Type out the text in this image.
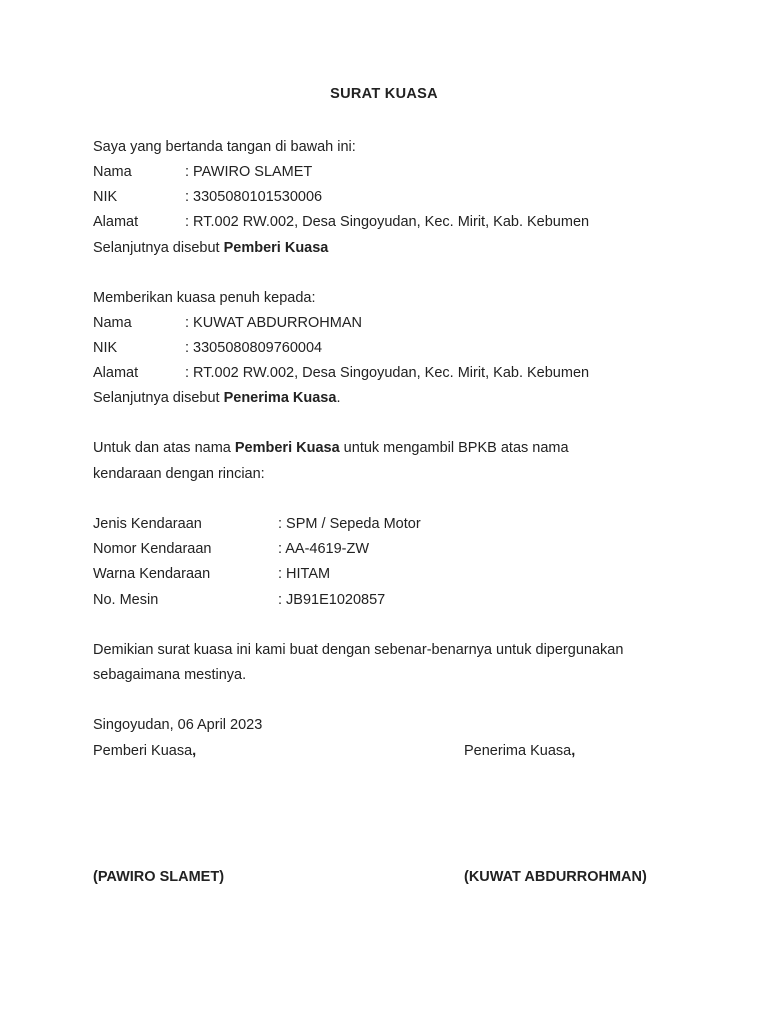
SURAT KUASA
Saya yang bertanda tangan di bawah ini:
Nama	: PAWIRO SLAMET
NIK	: 3305080101530006
Alamat	: RT.002 RW.002, Desa Singoyudan, Kec. Mirit, Kab. Kebumen
Selanjutnya disebut Pemberi Kuasa
Memberikan kuasa penuh kepada:
Nama	: KUWAT ABDURROHMAN
NIK	: 3305080809760004
Alamat	: RT.002 RW.002, Desa Singoyudan, Kec. Mirit, Kab. Kebumen
Selanjutnya disebut Penerima Kuasa.
Untuk dan atas nama Pemberi Kuasa untuk mengambil BPKB atas nama
kendaraan dengan rincian:
Jenis Kendaraan	: SPM / Sepeda Motor
Nomor Kendaraan	: AA-4619-ZW
Warna Kendaraan	: HITAM
No. Mesin	: JB91E1020857
Demikian surat kuasa ini kami buat dengan sebenar-benarnya untuk dipergunakan
sebagaimana mestinya.
Singoyudan, 06 April 2023
Pemberi Kuasa,	Penerima Kuasa,
(PAWIRO SLAMET)	(KUWAT ABDURROHMAN)
